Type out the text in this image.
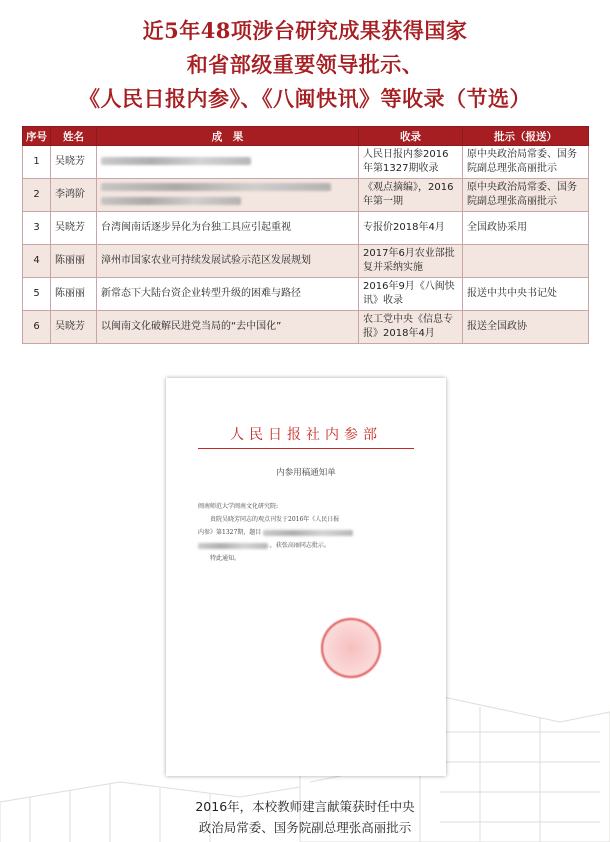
近5年48项涉台研究成果获得国家
和省部级重要领导批示、
《人民日报内参》、《八闽快讯》等收录（节选）
序号	姓名	成　果	收录	批示（报送）
1	吴晓芳		人民日报内参2016年第1327期收录	原中央政治局常委、国务院副总理张高丽批示
2	李鸿阶		《观点摘编》，2016年第一期	原中央政治局常委、国务院副总理张高丽批示
3	吴晓芳	台湾闽南话逐步异化为台独工具应引起重视	专报价2018年4月	全国政协采用
4	陈丽丽	漳州市国家农业可持续发展试验示范区发展规划	2017年6月农业部批复并采纳实施	
5	陈丽丽	新常态下大陆台资企业转型升级的困难与路径	2016年9月《八闽快讯》收录	报送中共中央书记处
6	吴晓芳	以闽南文化破解民进党当局的“去中国化”	农工党中央《信息专报》2018年4月	报送全国政协
人民日报社内参部
内参用稿通知单
闽南师范大学闽南文化研究院:
贵院吴晓芳同志的观点刊发于2016年《人民日报
内参》第1327期，题目
，获张高丽同志批示。
特此通知。
2016年，本校教师建言献策获时任中央
政治局常委、国务院副总理张高丽批示
